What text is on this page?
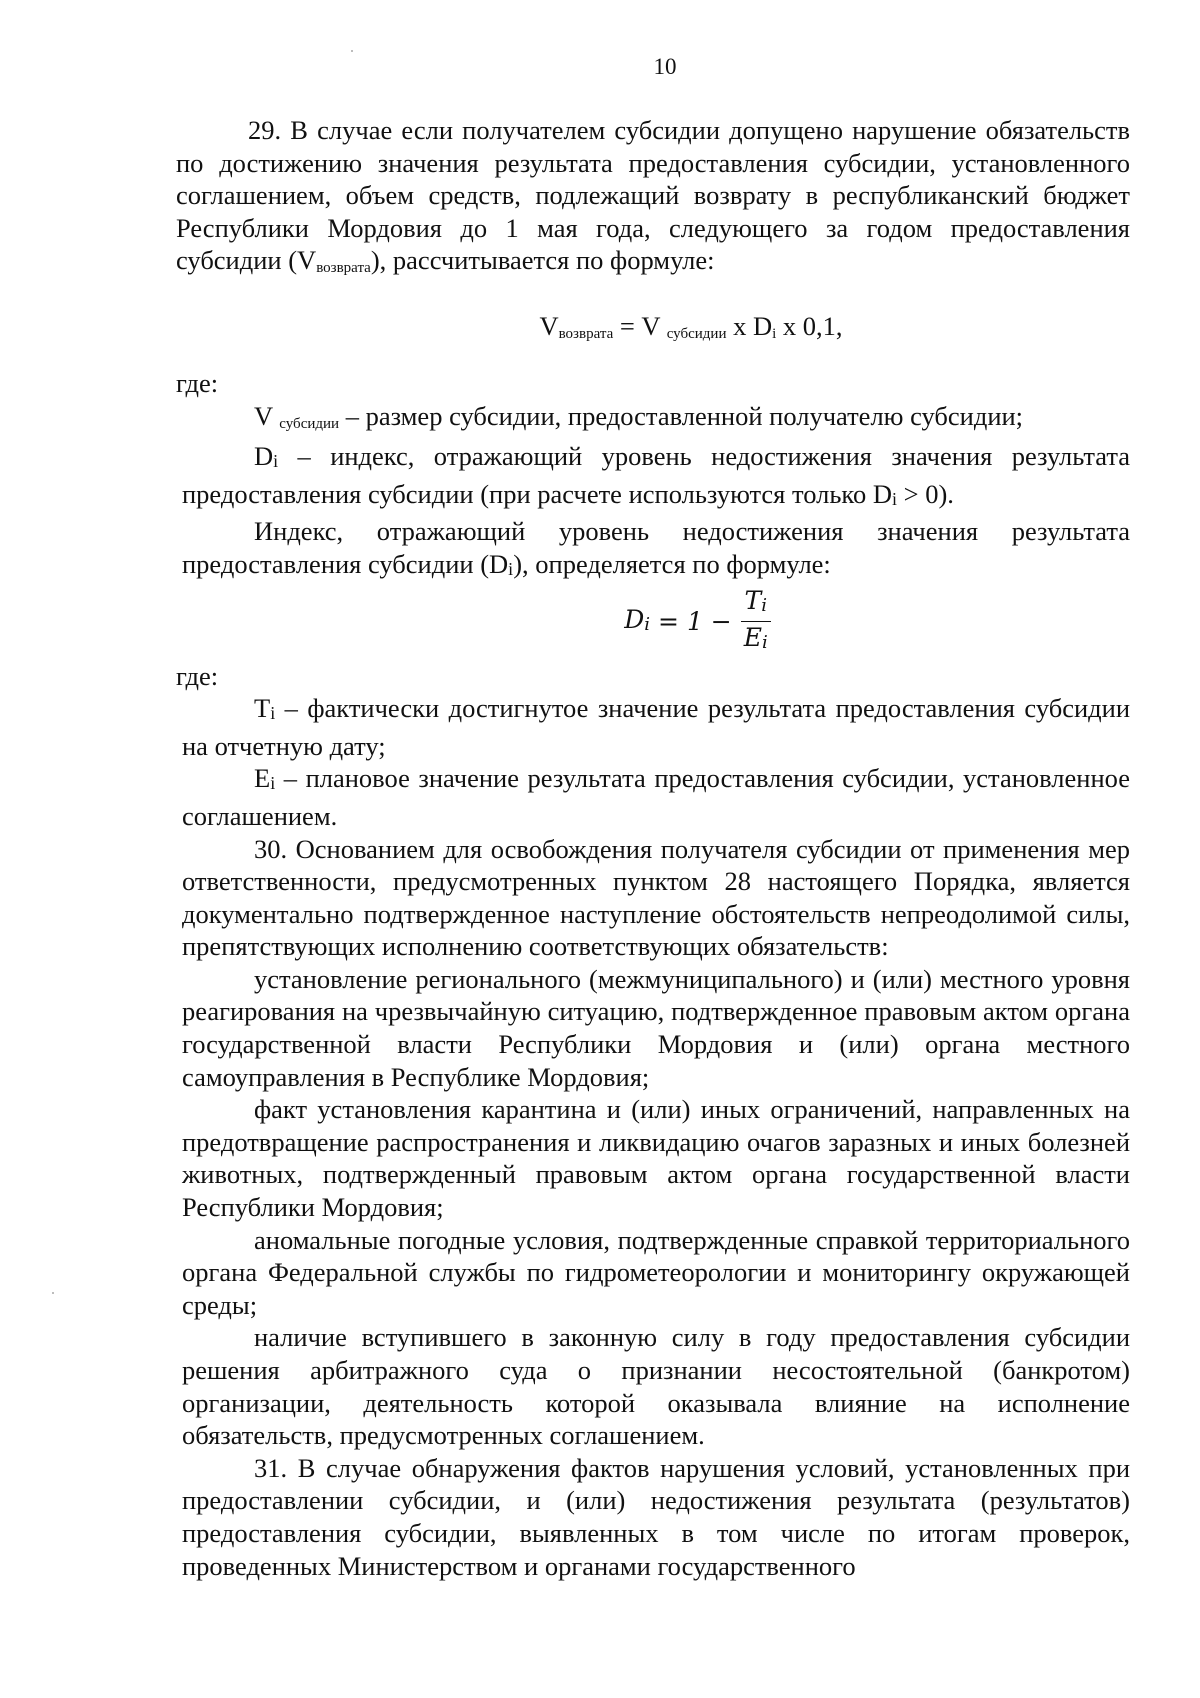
10

29. В случае если получателем субсидии допущено нарушение обязательств по достижению значения результата предоставления субсидии, установленного соглашением, объем средств, подлежащий возврату в республиканский бюджет Республики Мордовия до 1 мая года, следующего за годом предоставления субсидии $(V_{возврата})$, рассчитывается по формуле:

$V_{возврата} = V$ $_{субсидии}$ x $D_i$ x 0,1,

где:

V $_{субсидии}$ – размер субсидии, предоставленной получателю субсидии;

$D_i$ – индекс, отражающий уровень недостижения значения результата предоставления субсидии (при расчете используются только $D_i > 0$).

Индекс, отражающий уровень недостижения значения результата предоставления субсидии $(D_i)$, определяется по формуле:

$D_i = 1 - \frac{T_i}{E_i}$

где:

$T_i$ – фактически достигнутое значение результата предоставления субсидии на отчетную дату;

$E_i$ – плановое значение результата предоставления субсидии, установленное соглашением.

30. Основанием для освобождения получателя субсидии от применения мер ответственности, предусмотренных пунктом 28 настоящего Порядка, является документально подтвержденное наступление обстоятельств непреодолимой силы, препятствующих исполнению соответствующих обязательств:

установление регионального (межмуниципального) и (или) местного уровня реагирования на чрезвычайную ситуацию, подтвержденное правовым актом органа государственной власти Республики Мордовия и (или) органа местного самоуправления в Республике Мордовия;

факт установления карантина и (или) иных ограничений, направленных на предотвращение распространения и ликвидацию очагов заразных и иных болезней животных, подтвержденный правовым актом органа государственной власти Республики Мордовия;

аномальные погодные условия, подтвержденные справкой территориального органа Федеральной службы по гидрометеорологии и мониторингу окружающей среды;

наличие вступившего в законную силу в году предоставления субсидии решения арбитражного суда о признании несостоятельной (банкротом) организации, деятельность которой оказывала влияние на исполнение обязательств, предусмотренных соглашением.

31. В случае обнаружения фактов нарушения условий, установленных при предоставлении субсидии, и (или) недостижения результата (результатов) предоставления субсидии, выявленных в том числе по итогам проверок, проведенных Министерством и органами государственного
